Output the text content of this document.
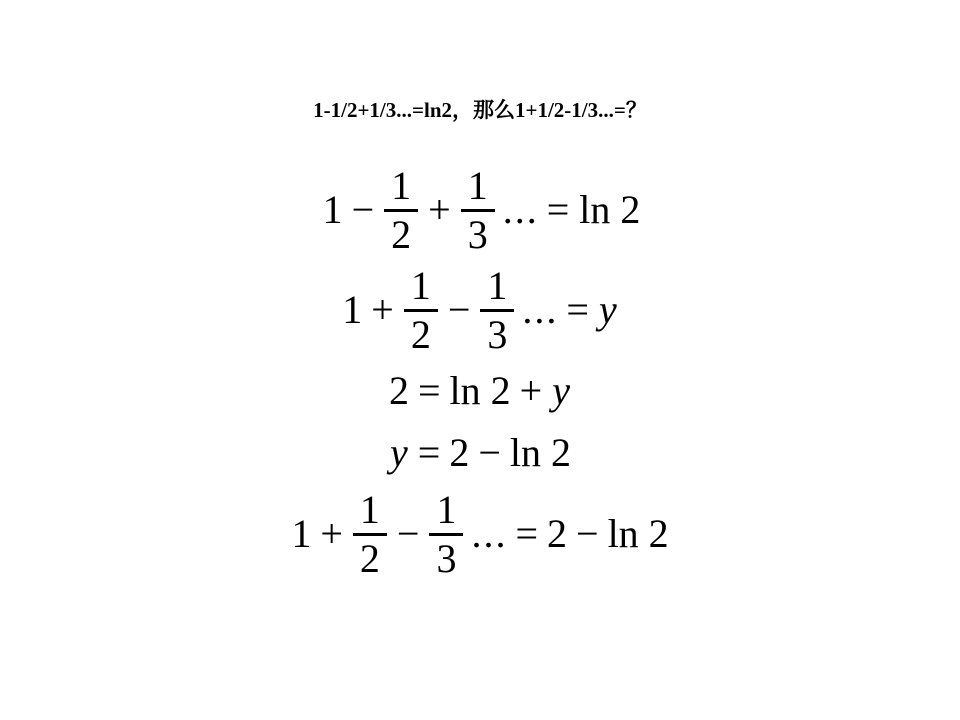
1-1/2+1/3...=ln2，那么1+1/2-1/3...=？
$1 - \frac{1}{2} + \frac{1}{3}$ ... = ln 2
$1 + \frac{1}{2} - \frac{1}{3}$ ... = y
2 = ln 2 + y
y = 2 − ln 2
$1 + \frac{1}{2} - \frac{1}{3}$ ... = 2 − ln 2
